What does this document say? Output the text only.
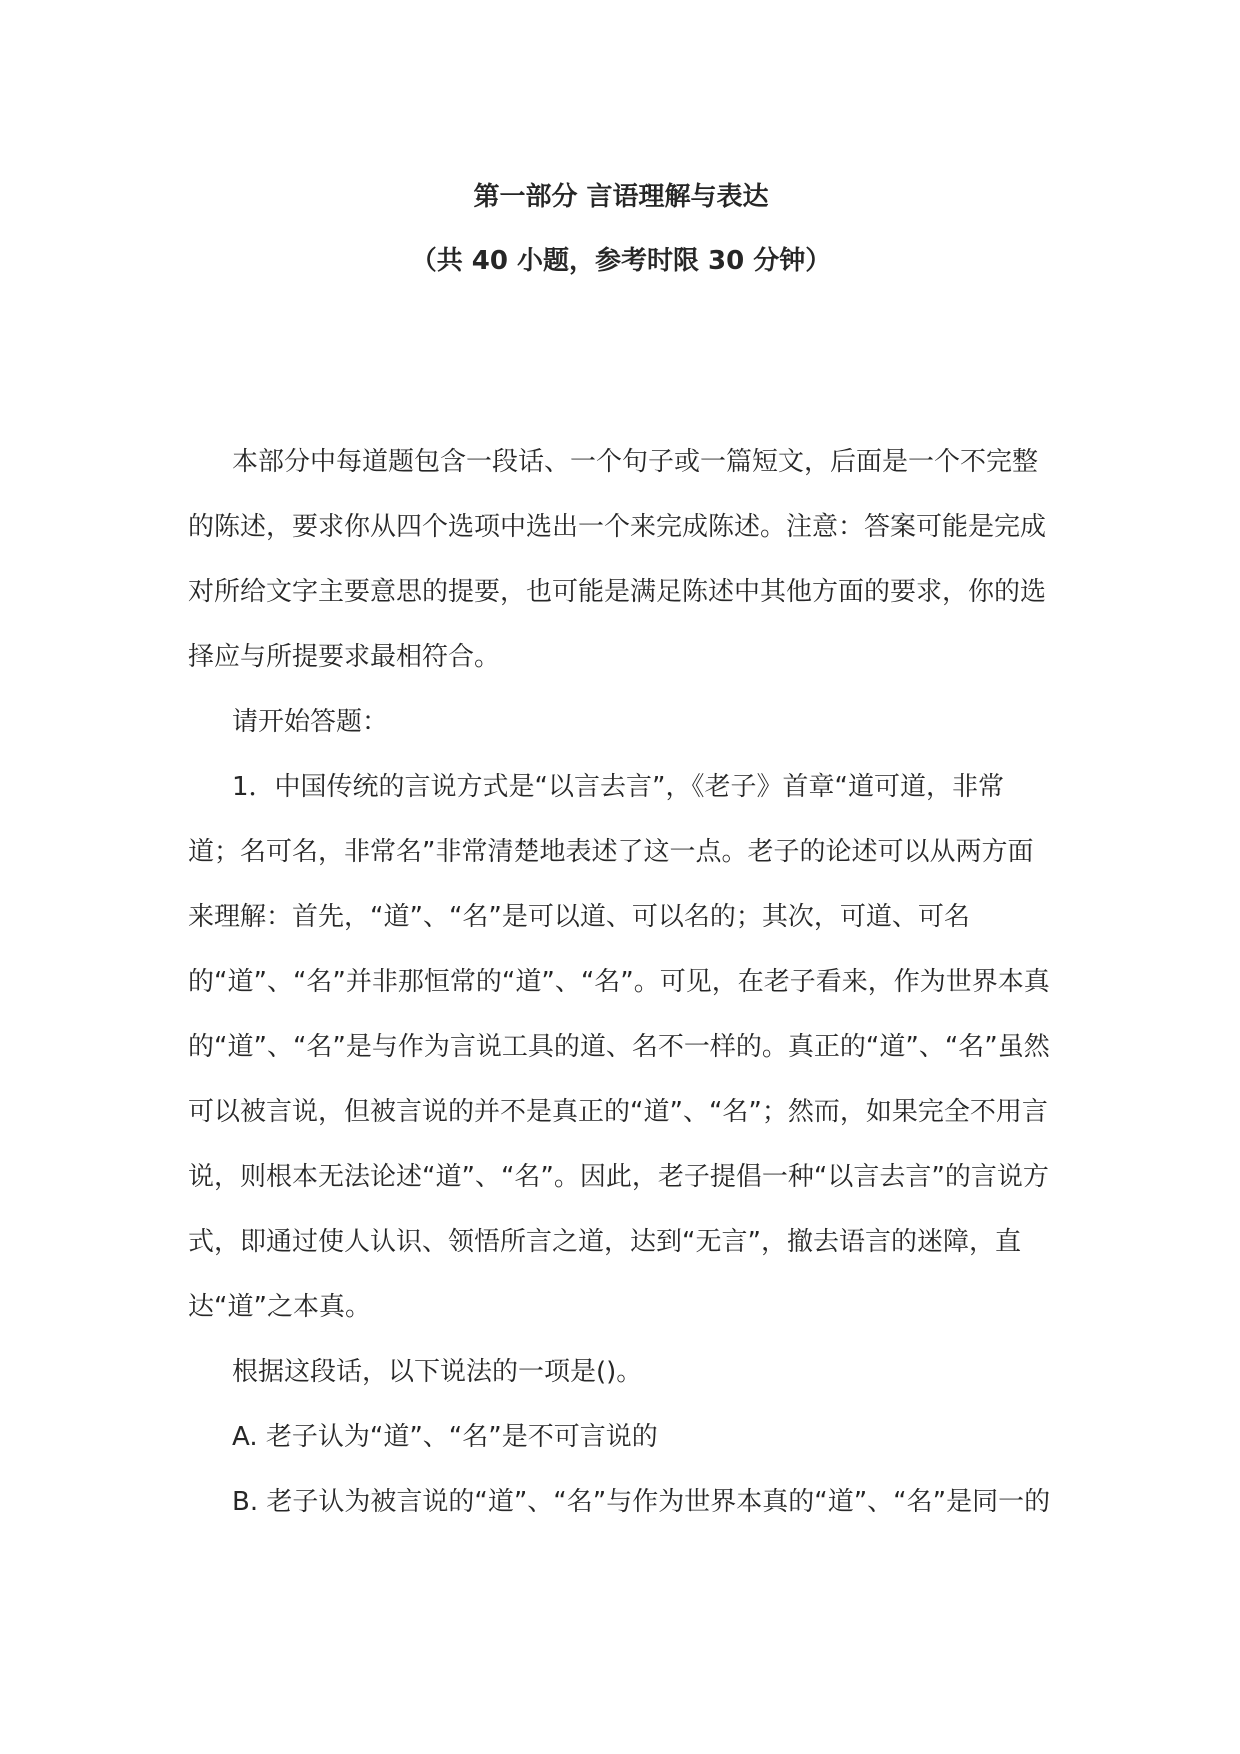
第一部分 言语理解与表达
（共 40 小题，参考时限 30 分钟）

本部分中每道题包含一段话、一个句子或一篇短文，后面是一个不完整的陈述，要求你从四个选项中选出一个来完成陈述。注意：答案可能是完成对所给文字主要意思的提要，也可能是满足陈述中其他方面的要求，你的选择应与所提要求最相符合。

请开始答题：

1．中国传统的言说方式是“以言去言”，《老子》首章“道可道，非常道；名可名，非常名”非常清楚地表述了这一点。老子的论述可以从两方面来理解：首先，“道”、“名”是可以道、可以名的；其次，可道、可名的“道”、“名”并非那恒常的“道”、“名”。可见，在老子看来，作为世界本真的“道”、“名”是与作为言说工具的道、名不一样的。真正的“道”、“名”虽然可以被言说，但被言说的并不是真正的“道”、“名”；然而，如果完全不用言说，则根本无法论述“道”、“名”。因此，老子提倡一种“以言去言”的言说方式，即通过使人认识、领悟所言之道，达到“无言”，撤去语言的迷障，直达“道”之本真。

根据这段话，以下说法的一项是()。

A. 老子认为“道”、“名”是不可言说的

B. 老子认为被言说的“道”、“名”与作为世界本真的“道”、“名”是同一的
